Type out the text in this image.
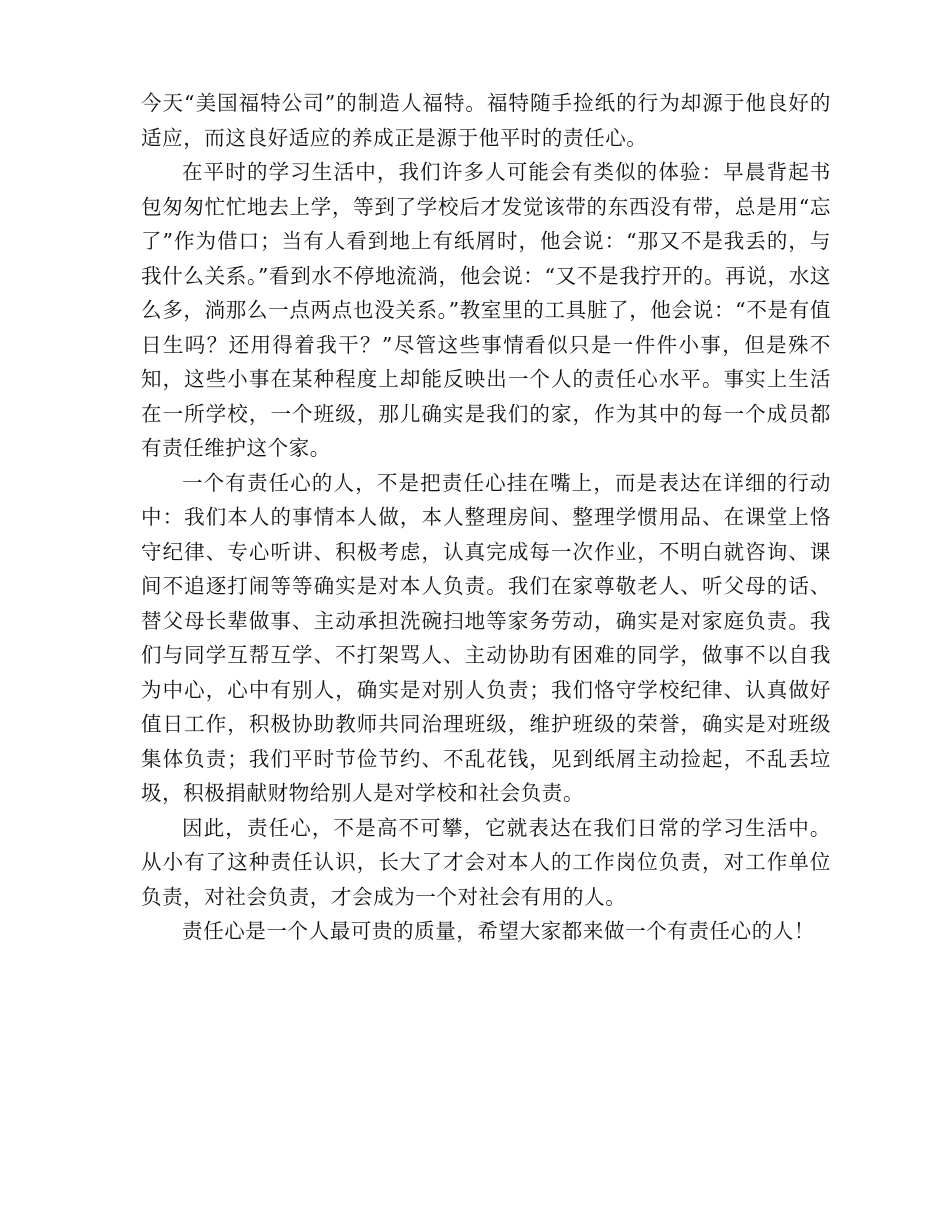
今天“美国福特公司”的制造人福特。福特随手捡纸的行为却源于他良好的适应，而这良好适应的养成正是源于他平时的责任心。

在平时的学习生活中，我们许多人可能会有类似的体验：早晨背起书包匆匆忙忙地去上学，等到了学校后才发觉该带的东西没有带，总是用“忘了”作为借口；当有人看到地上有纸屑时，他会说：“那又不是我丢的，与我什么关系。”看到水不停地流淌，他会说：“又不是我拧开的。再说，水这么多，淌那么一点两点也没关系。”教室里的工具脏了，他会说：“不是有值日生吗？还用得着我干？”尽管这些事情看似只是一件件小事，但是殊不知，这些小事在某种程度上却能反映出一个人的责任心水平。事实上生活在一所学校，一个班级，那儿确实是我们的家，作为其中的每一个成员都有责任维护这个家。

一个有责任心的人，不是把责任心挂在嘴上，而是表达在详细的行动中：我们本人的事情本人做，本人整理房间、整理学惯用品、在课堂上恪守纪律、专心听讲、积极考虑，认真完成每一次作业，不明白就咨询、课间不追逐打闹等等确实是对本人负责。我们在家尊敬老人、听父母的话、替父母长辈做事、主动承担洗碗扫地等家务劳动，确实是对家庭负责。我们与同学互帮互学、不打架骂人、主动协助有困难的同学，做事不以自我为中心，心中有别人，确实是对别人负责；我们恪守学校纪律、认真做好值日工作，积极协助教师共同治理班级，维护班级的荣誉，确实是对班级集体负责；我们平时节俭节约、不乱花钱，见到纸屑主动捡起，不乱丢垃圾，积极捐献财物给别人是对学校和社会负责。

因此，责任心，不是高不可攀，它就表达在我们日常的学习生活中。从小有了这种责任认识，长大了才会对本人的工作岗位负责，对工作单位负责，对社会负责，才会成为一个对社会有用的人。

责任心是一个人最可贵的质量，希望大家都来做一个有责任心的人！
